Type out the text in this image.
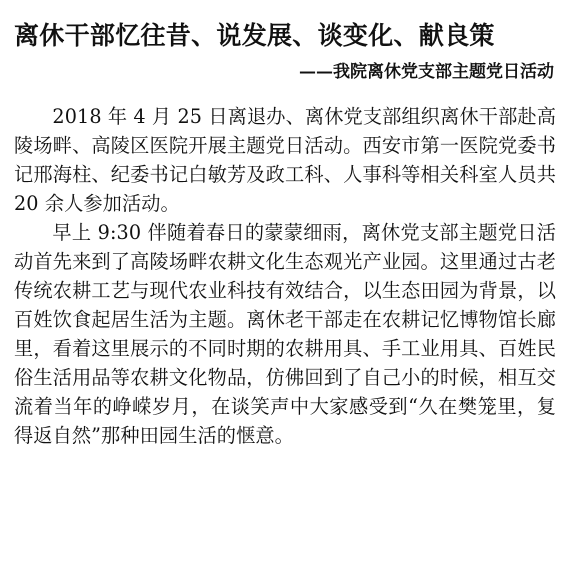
离休干部忆往昔、说发展、谈变化、献良策
——我院离休党支部主题党日活动

2018 年 4 月 25 日离退办、离休党支部组织离休干部赴高陵场畔、高陵区医院开展主题党日活动。西安市第一医院党委书记邢海柱、纪委书记白敏芳及政工科、人事科等相关科室人员共 20 余人参加活动。

早上 9:30 伴随着春日的蒙蒙细雨，离休党支部主题党日活动首先来到了高陵场畔农耕文化生态观光产业园。这里通过古老传统农耕工艺与现代农业科技有效结合，以生态田园为背景，以百姓饮食起居生活为主题。离休老干部走在农耕记忆博物馆长廊里，看着这里展示的不同时期的农耕用具、手工业用具、百姓民俗生活用品等农耕文化物品，仿佛回到了自己小的时候，相互交流着当年的峥嵘岁月，在谈笑声中大家感受到“久在樊笼里，复得返自然”那种田园生活的惬意。
